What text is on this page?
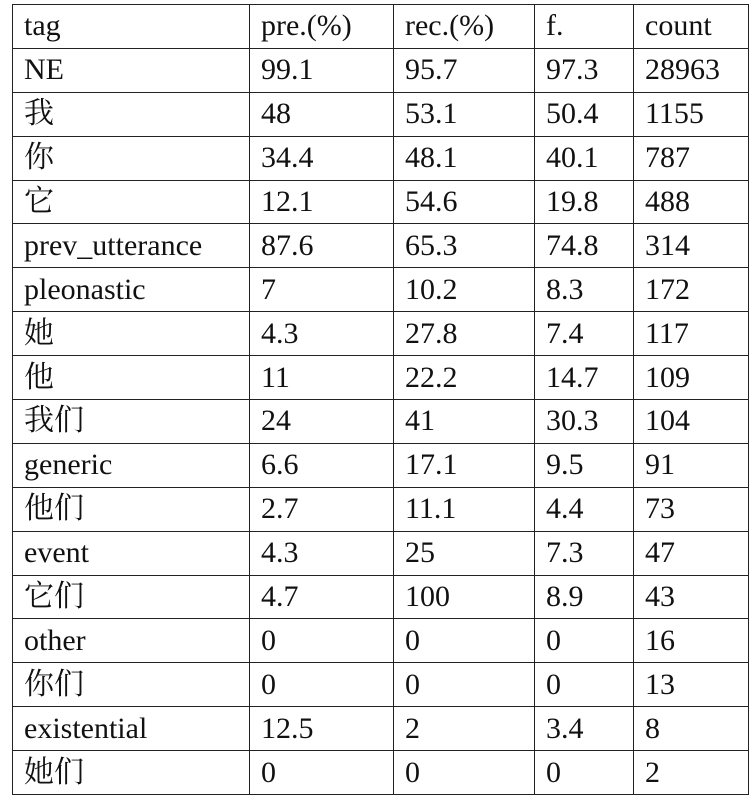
tag	pre.(%)	rec.(%)	f.	count
NE	99.1	95.7	97.3	28963
我	48	53.1	50.4	1155
你	34.4	48.1	40.1	787
它	12.1	54.6	19.8	488
prev_utterance	87.6	65.3	74.8	314
pleonastic	7	10.2	8.3	172
她	4.3	27.8	7.4	117
他	11	22.2	14.7	109
我们	24	41	30.3	104
generic	6.6	17.1	9.5	91
他们	2.7	11.1	4.4	73
event	4.3	25	7.3	47
它们	4.7	100	8.9	43
other	0	0	0	16
你们	0	0	0	13
existential	12.5	2	3.4	8
她们	0	0	0	2
